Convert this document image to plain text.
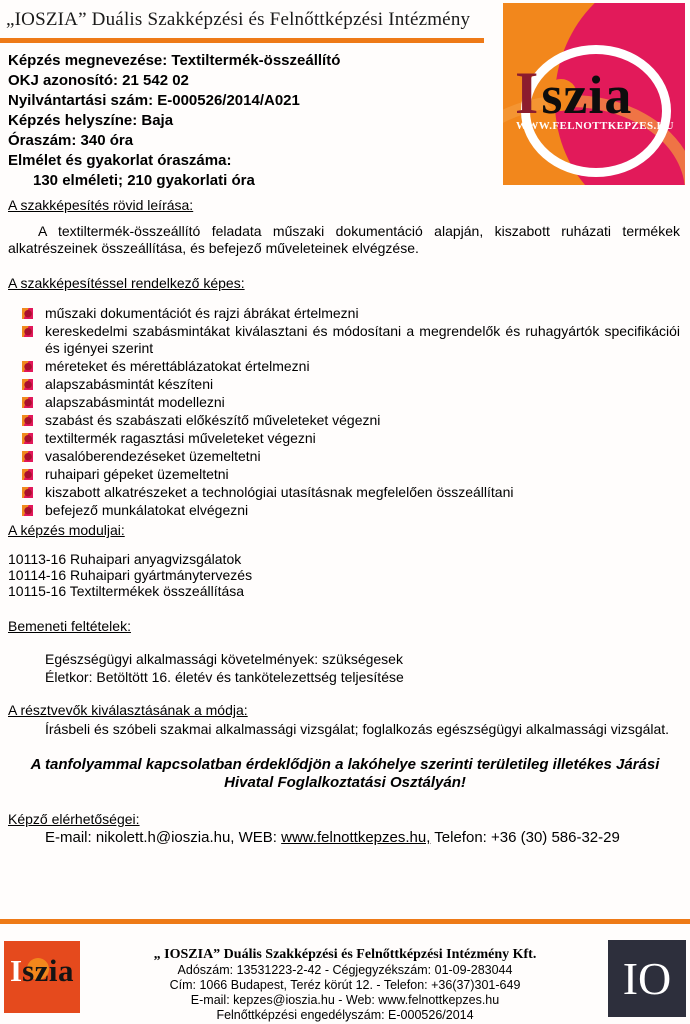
„IOSZIA” Duális Szakképzési és Felnőttképzési Intézmény
Iszia
WWW.FELNOTTKEPZES.HU
Képzés megnevezése: Textiltermék-összeállító
OKJ azonosító: 21 542 02
Nyilvántartási szám: E-000526/2014/A021
Képzés helyszíne: Baja
Óraszám: 340 óra
Elmélet és gyakorlat óraszáma:
130 elméleti; 210 gyakorlati óra
A szakképesítés rövid leírása:

A textiltermék-összeállító feladata műszaki dokumentáció alapján, kiszabott ruházati termékek alkatrészeinek összeállítása, és befejező műveleteinek elvégzése.

A szakképesítéssel rendelkező képes:
műszaki dokumentációt és rajzi ábrákat értelmezni
kereskedelmi szabásmintákat kiválasztani és módosítani a megrendelők és ruhagyártók specifikációi és igényei szerint
méreteket és mérettáblázatokat értelmezni
alapszabásmintát készíteni
alapszabásmintát modellezni
szabást és szabászati előkészítő műveleteket végezni
textiltermék ragasztási műveleteket végezni
vasalóberendezéseket üzemeltetni
ruhaipari gépeket üzemeltetni
kiszabott alkatrészeket a technológiai utasításnak megfelelően összeállítani
befejező munkálatokat elvégezni
A képzés moduljai:
10113-16 Ruhaipari anyagvizsgálatok
10114-16 Ruhaipari gyártmánytervezés
10115-16 Textiltermékek összeállítása
Bemeneti feltételek:
Egészségügyi alkalmassági követelmények: szükségesek
Életkor: Betöltött 16. életév és tankötelezettség teljesítése
A résztvevők kiválasztásának a módja:

Írásbeli és szóbeli szakmai alkalmassági vizsgálat; foglalkozás egészségügyi alkalmassági vizsgálat.

A tanfolyammal kapcsolatban érdeklődjön a lakóhelye szerinti területileg illetékes Járási Hivatal Foglalkoztatási Osztályán!
Képző elérhetőségei:
E-mail: nikolett.h@ioszia.hu, WEB: www.felnottkepzes.hu, Telefon: +36 (30) 586-32-29
Iszia	„ IOSZIA” Duális Szakképzési és Felnőttképzési Intézmény Kft.
Adószám: 13531223-2-42 - Cégjegyzékszám: 01-09-283044
Cím: 1066 Budapest, Teréz körút 12. - Telefon: +36(37)301-649
E-mail: kepzes@ioszia.hu - Web: www.felnottkepzes.hu
Felnőttképzési engedélyszám: E-000526/2014
IO
